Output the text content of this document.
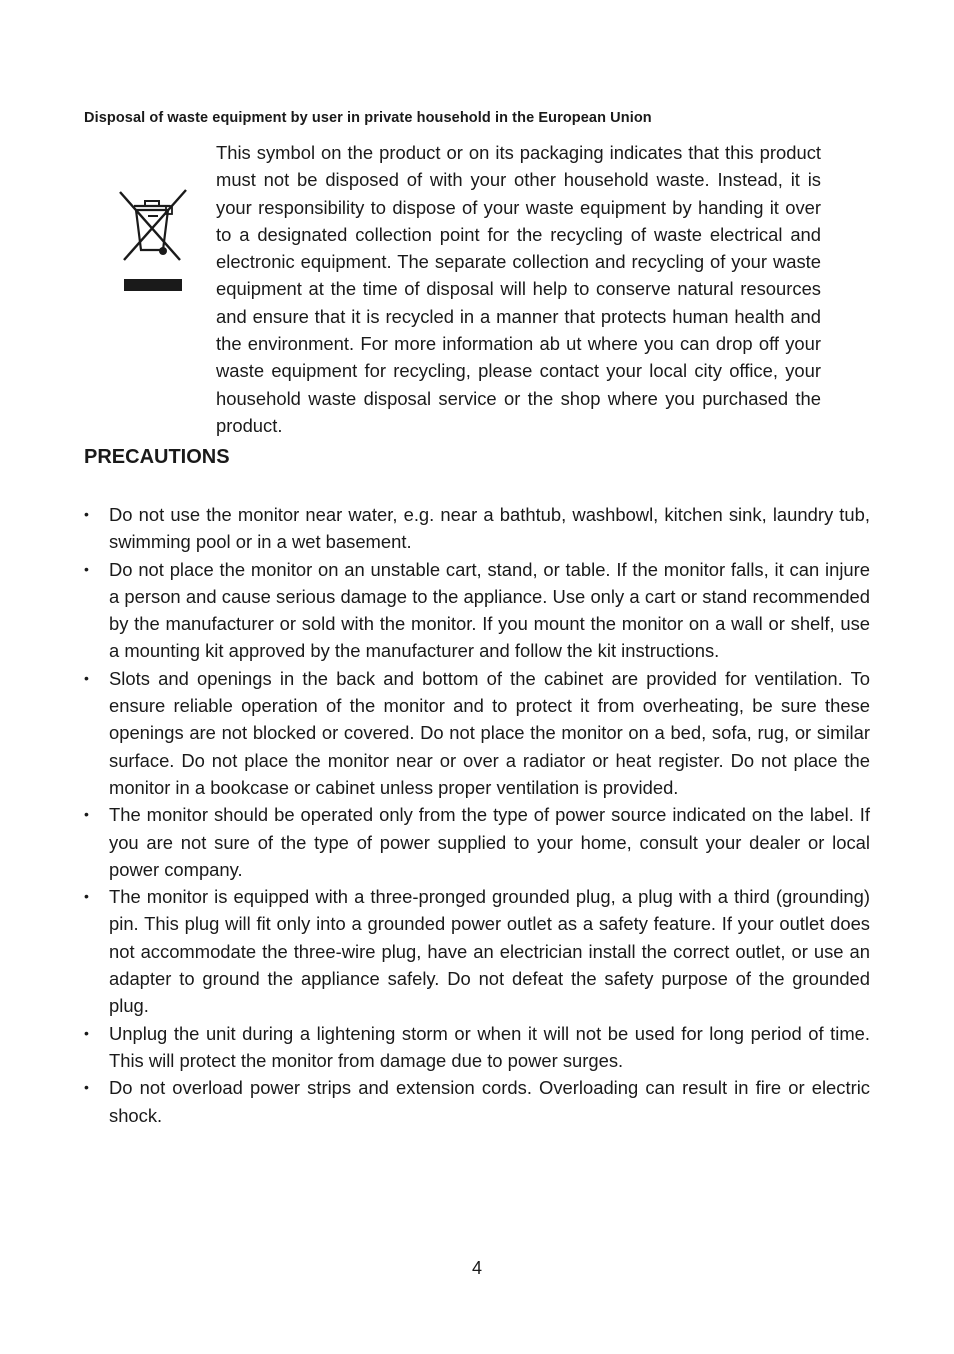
Disposal of waste equipment by user in private household in the European Union

This symbol on the product or on its packaging indicates that this product must not be disposed of with your other household waste. Instead, it is your responsibility to dispose of your waste equipment by handing it over to a designated collection point for the recycling of waste electrical and electronic equipment. The separate collection and recycling of your waste equipment at the time of disposal will help to conserve natural resources and ensure that it is recycled in a manner that protects human health and the environment. For more information ab ut where you can drop off your waste equipment for recycling, please contact your local city office, your household waste disposal service or the shop where you purchased the product.

PRECAUTIONS
• Do not use the monitor near water, e.g. near a bathtub, washbowl, kitchen sink, laundry tub, swimming pool or in a wet basement.
• Do not place the monitor on an unstable cart, stand, or table. If the monitor falls, it can injure a person and cause serious damage to the appliance. Use only a cart or stand recommended by the manufacturer or sold with the monitor. If you mount the monitor on a wall or shelf, use a mounting kit approved by the manufacturer and follow the kit instructions.
• Slots and openings in the back and bottom of the cabinet are provided for ventilation. To ensure reliable operation of the monitor and to protect it from overheating, be sure these openings are not blocked or covered. Do not place the monitor on a bed, sofa, rug, or similar surface. Do not place the monitor near or over a radiator or heat register. Do not place the monitor in a bookcase or cabinet unless proper ventilation is provided.
• The monitor should be operated only from the type of power source indicated on the label. If you are not sure of the type of power supplied to your home, consult your dealer or local power company.
• The monitor is equipped with a three-pronged grounded plug, a plug with a third (grounding) pin. This plug will fit only into a grounded power outlet as a safety feature. If your outlet does not accommodate the three-wire plug, have an electrician install the correct outlet, or use an adapter to ground the appliance safely. Do not defeat the safety purpose of the grounded plug.
• Unplug the unit during a lightening storm or when it will not be used for long period of time. This will protect the monitor from damage due to power surges.
• Do not overload power strips and extension cords. Overloading can result in fire or electric shock.
4
